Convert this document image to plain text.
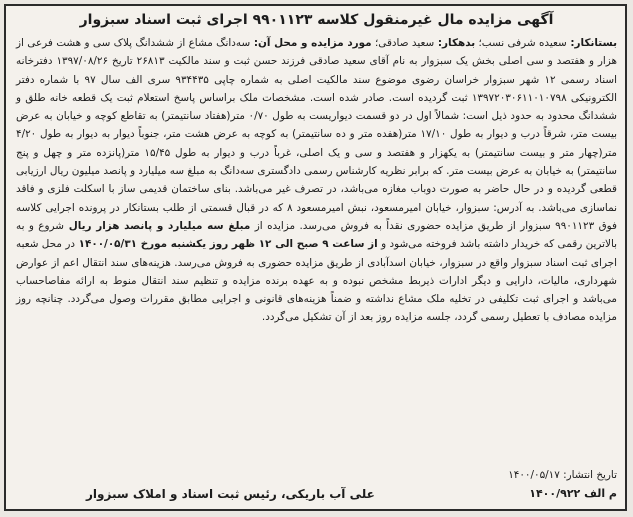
آگهی مزایده مال غیرمنقول کلاسه ۹۹۰۱۱۲۳ اجرای ثبت اسناد سبزوار
بستانکار: سعیده شرفی نسب؛ بدهکار: سعید صادقی؛ مورد مزایده و محل آن: سه‌دانگ مشاع از ششدانگ پلاک سی و هشت فرعی از هزار و هفتصد و سی اصلی بخش یک سبزوار به نام آقای سعید صادقی فرزند حسن ثبت و سند مالکیت ۲۶۸۱۳ تاریخ ۱۳۹۷/۰۸/۲۶ دفترخانه اسناد رسمی ۱۲ شهر سبزوار خراسان رضوی موضوع سند مالکیت اصلی به شماره چاپی ۹۳۴۴۳۵ سری الف سال ۹۷ با شماره دفتر الکترونیکی ۱۳۹۷۲۰۳۰۶۱۱۰۱۰۷۹۸ ثبت گردیده است. صادر شده است. مشخصات ملک براساس پاسخ استعلام ثبت یک قطعه خانه طلق و ششدانگ محدود به حدود ذیل است: شمالاً اول در دو قسمت دیواریست به طول ۰/۷۰ متر(هفتاد سانتیمتر) به تقاطع کوچه و خیابان به عرض بیست متر، شرقاً درب و دیوار به طول ۱۷/۱۰ متر(هفده متر و ده سانتیمتر) به کوچه به عرض هشت متر، جنوباً دیوار به دیوار به طول ۴/۲۰ متر(چهار متر و بیست سانتیمتر) به یکهزار و هفتصد و سی و یک اصلی، غرباً درب و دیوار به طول ۱۵/۴۵ متر(پانزده متر و چهل و پنج سانتیمتر) به خیابان به عرض بیست متر. که برابر نظریه کارشناس رسمی دادگستری سه‌دانگ به مبلغ سه میلیارد و پانصد میلیون ریال ارزیابی قطعی گردیده و در حال حاضر به صورت دوباب مغازه می‌باشد، در تصرف غیر می‌باشد. بنای ساختمان قدیمی ساز با اسکلت فلزی و فاقد نماسازی می‌باشد. به آدرس: سبزوار، خیابان امیرمسعود، نبش امیرمسعود ۸ که در قبال قسمتی از طلب بستانکار در پرونده اجرایی کلاسه فوق ۹۹۰۱۱۲۳ سبزوار از طریق مزایده حضوری نقداً به فروش می‌رسد. مزایده از مبلغ سه میلیارد و پانصد هزار ریال شروع و به بالاترین رقمی که خریدار داشته باشد فروخته می‌شود و از ساعت ۹ صبح الی ۱۲ ظهر روز یکشنبه مورخ ۱۴۰۰/۰۵/۳۱ در محل شعبه اجرای ثبت اسناد سبزوار واقع در سبزوار، خیابان اسدآبادی از طریق مزایده حضوری به فروش می‌رسد. هزینه‌های سند انتقال اعم از عوارض شهرداری، مالیات، دارایی و دیگر ادارات ذیربط مشخص نبوده و به عهده برنده مزایده و تنظیم سند انتقال منوط به ارائه مفاصاحساب می‌باشد و اجرای ثبت تکلیفی در تخلیه ملک مشاع نداشته و ضمناً هزینه‌های قانونی و اجرایی مطابق مقررات وصول می‌گردد. چنانچه روز مزایده مصادف با تعطیل رسمی گردد، جلسه مزایده روز بعد از آن تشکیل می‌گردد.
تاریخ انتشار: ۱۴۰۰/۰۵/۱۷
م الف ۱۴۰۰/۹۲۲
علی آب باریکی، رئیس ثبت اسناد و املاک سبزوار
